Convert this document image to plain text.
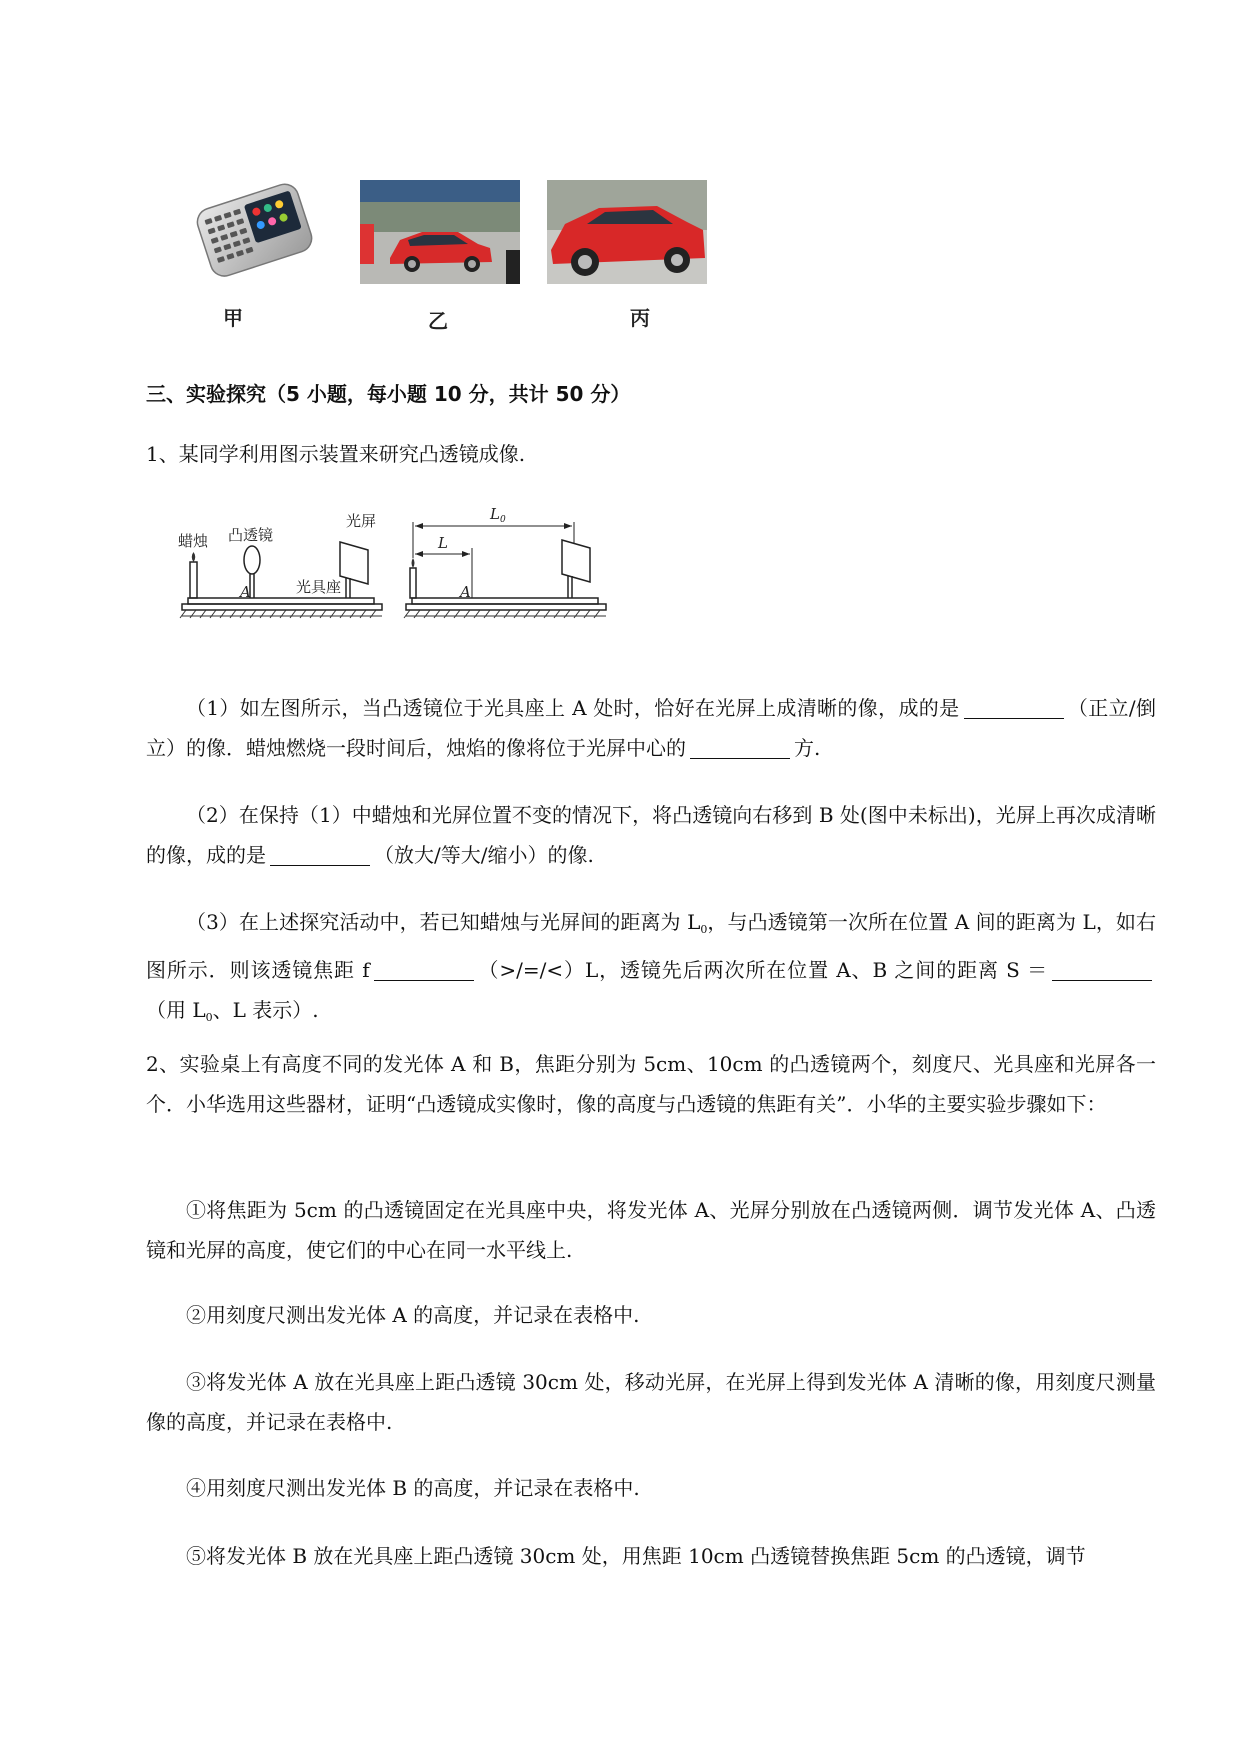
甲	乙	丙
三、实验探究（5 小题，每小题 10 分，共计 50 分）

1、某同学利用图示装置来研究凸透镜成像.

蜡烛 凸透镜
光屏
光具座
A
$L_0$
L
A

（1）如左图所示，当凸透镜位于光具座上 A 处时，恰好在光屏上成清晰的像，成的是	（正立/倒立）的像．蜡烛燃烧一段时间后，烛焰的像将位于光屏中心的	方.

（2）在保持（1）中蜡烛和光屏位置不变的情况下，将凸透镜向右移到 B 处(图中未标出)，光屏上再次成清晰的像，成的是	（放大/等大/缩小）的像.

（3）在上述探究活动中，若已知蜡烛与光屏间的距离为 $L_0$，与凸透镜第一次所在位置 A 间的距离为 L，如右图所示．则该透镜焦距 f	（>/=/<）L，透镜先后两次所在位置 A、B 之间的距离 S ＝（用 $L_0$、L 表示）.

2、实验桌上有高度不同的发光体 A 和 B，焦距分别为 5cm、10cm 的凸透镜两个，刻度尺、光具座和光屏各一个．小华选用这些器材，证明“凸透镜成实像时，像的高度与凸透镜的焦距有关”．小华的主要实验步骤如下：

①将焦距为 5cm 的凸透镜固定在光具座中央，将发光体 A、光屏分别放在凸透镜两侧．调节发光体 A、凸透镜和光屏的高度，使它们的中心在同一水平线上.

②用刻度尺测出发光体 A 的高度，并记录在表格中.

③将发光体 A 放在光具座上距凸透镜 30cm 处，移动光屏，在光屏上得到发光体 A 清晰的像，用刻度尺测量像的高度，并记录在表格中.

④用刻度尺测出发光体 B 的高度，并记录在表格中.

⑤将发光体 B 放在光具座上距凸透镜 30cm 处，用焦距 10cm 凸透镜替换焦距 5cm 的凸透镜，调节
